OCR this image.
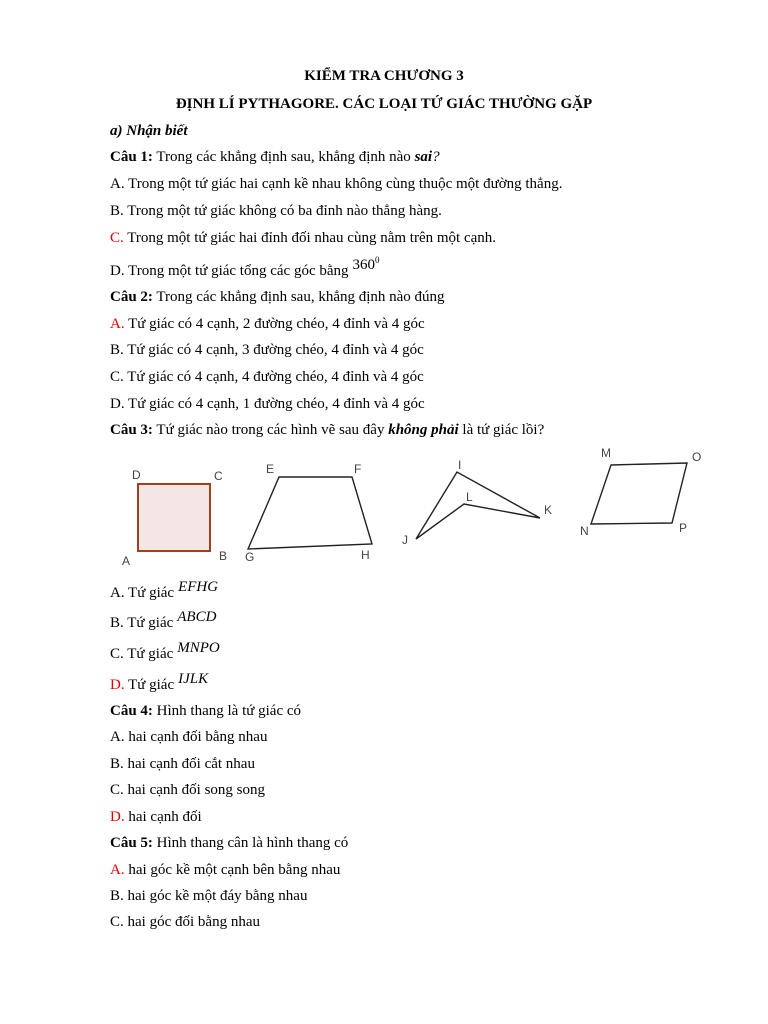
KIỂM TRA CHƯƠNG 3
ĐỊNH LÍ PYTHAGORE. CÁC LOẠI TỨ GIÁC THƯỜNG GẶP
a) Nhận biết
Câu 1: Trong các khẳng định sau, khẳng định nào sai?
A. Trong một tứ giác hai cạnh kề nhau không cùng thuộc một đường thẳng.
B. Trong một tứ giác không có ba đỉnh nào thẳng hàng.
C. Trong một tứ giác hai đỉnh đối nhau cùng nằm trên một cạnh.
D. Trong một tứ giác tổng các góc bằng $360^0$
Câu 2: Trong các khẳng định sau, khẳng định nào đúng
A. Tứ giác có 4 cạnh, 2 đường chéo, 4 đỉnh và 4 góc
B. Tứ giác có 4 cạnh, 3 đường chéo, 4 đỉnh và 4 góc
C. Tứ giác có 4 cạnh, 4 đường chéo, 4 đỉnh và 4 góc
D. Tứ giác có 4 cạnh, 1 đường chéo, 4 đỉnh và 4 góc
Câu 3: Tứ giác nào trong các hình vẽ sau đây không phải là tứ giác lồi?
D	C
A	B
E	F
G	H
I
J
L
K
M	O
N	P
A. Tứ giác EFHG
B. Tứ giác ABCD
C. Tứ giác MNPO
D. Tứ giác IJLK
Câu 4: Hình thang là tứ giác có
A. hai cạnh đối bằng nhau
B. hai cạnh đối cắt nhau
C. hai cạnh đối song song
D. hai cạnh đối
Câu 5: Hình thang cân là hình thang có
A. hai góc kề một cạnh bên bằng nhau
B. hai góc kề một đáy bằng nhau
C. hai góc đối bằng nhau
